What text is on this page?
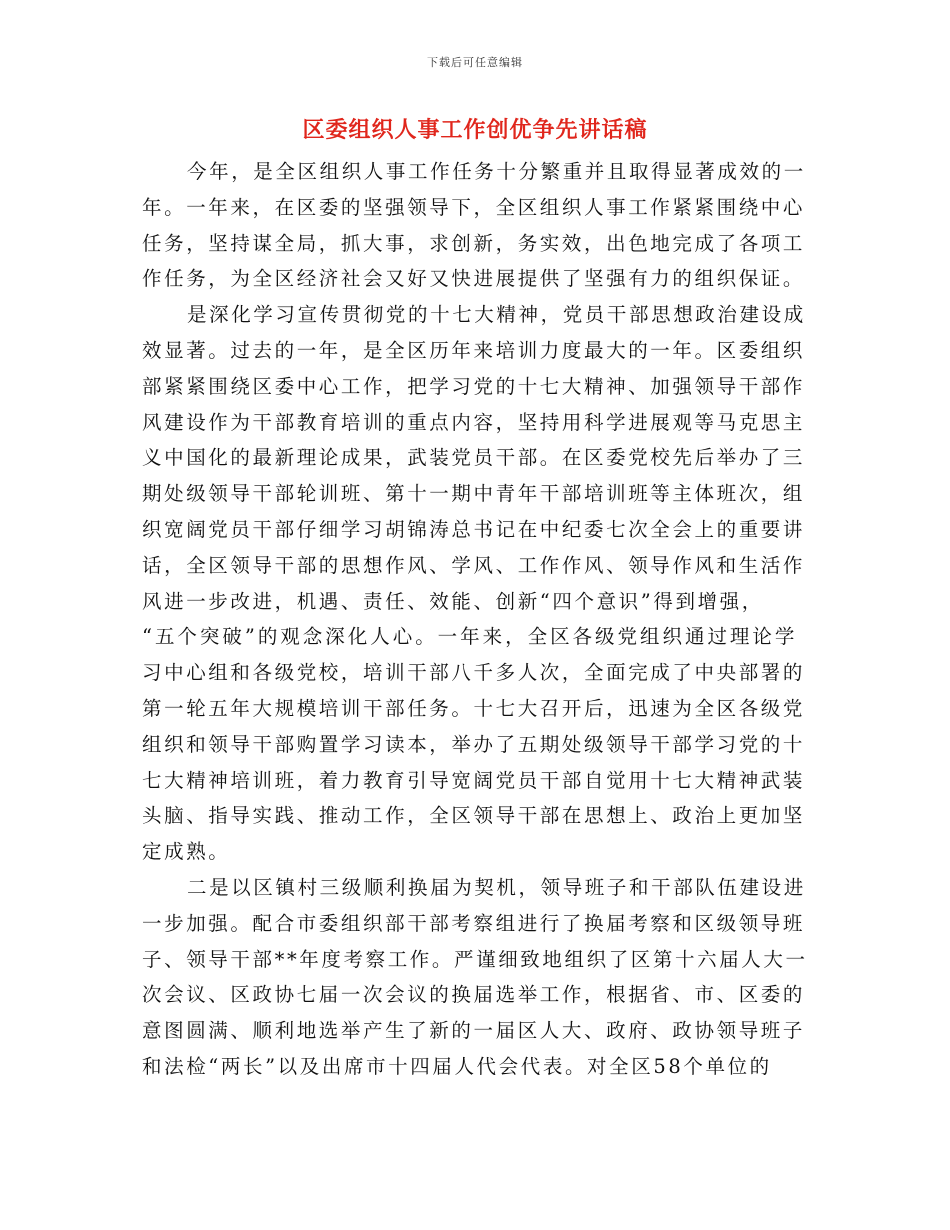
下载后可任意编辑
区委组织人事工作创优争先讲话稿
今年，是全区组织人事工作任务十分繁重并且取得显著成效的一
年。一年来，在区委的坚强领导下，全区组织人事工作紧紧围绕中心
任务，坚持谋全局，抓大事，求创新，务实效，出色地完成了各项工
作任务，为全区经济社会又好又快进展提供了坚强有力的组织保证。
是深化学习宣传贯彻党的十七大精神，党员干部思想政治建设成
效显著。过去的一年，是全区历年来培训力度最大的一年。区委组织
部紧紧围绕区委中心工作，把学习党的十七大精神、加强领导干部作
风建设作为干部教育培训的重点内容，坚持用科学进展观等马克思主
义中国化的最新理论成果，武装党员干部。在区委党校先后举办了三
期处级领导干部轮训班、第十一期中青年干部培训班等主体班次，组
织宽阔党员干部仔细学习胡锦涛总书记在中纪委七次全会上的重要讲
话，全区领导干部的思想作风、学风、工作作风、领导作风和生活作
风进一步改进，机遇、责任、效能、创新“四个意识”得到增强，
“五个突破”的观念深化人心。一年来，全区各级党组织通过理论学
习中心组和各级党校，培训干部八千多人次，全面完成了中央部署的
第一轮五年大规模培训干部任务。十七大召开后，迅速为全区各级党
组织和领导干部购置学习读本，举办了五期处级领导干部学习党的十
七大精神培训班，着力教育引导宽阔党员干部自觉用十七大精神武装
头脑、指导实践、推动工作，全区领导干部在思想上、政治上更加坚
定成熟。
二是以区镇村三级顺利换届为契机，领导班子和干部队伍建设进
一步加强。配合市委组织部干部考察组进行了换届考察和区级领导班
子、领导干部**年度考察工作。严谨细致地组织了区第十六届人大一
次会议、区政协七届一次会议的换届选举工作，根据省、市、区委的
意图圆满、顺利地选举产生了新的一届区人大、政府、政协领导班子
和法检“两长”以及出席市十四届人代会代表。对全区58个单位的
